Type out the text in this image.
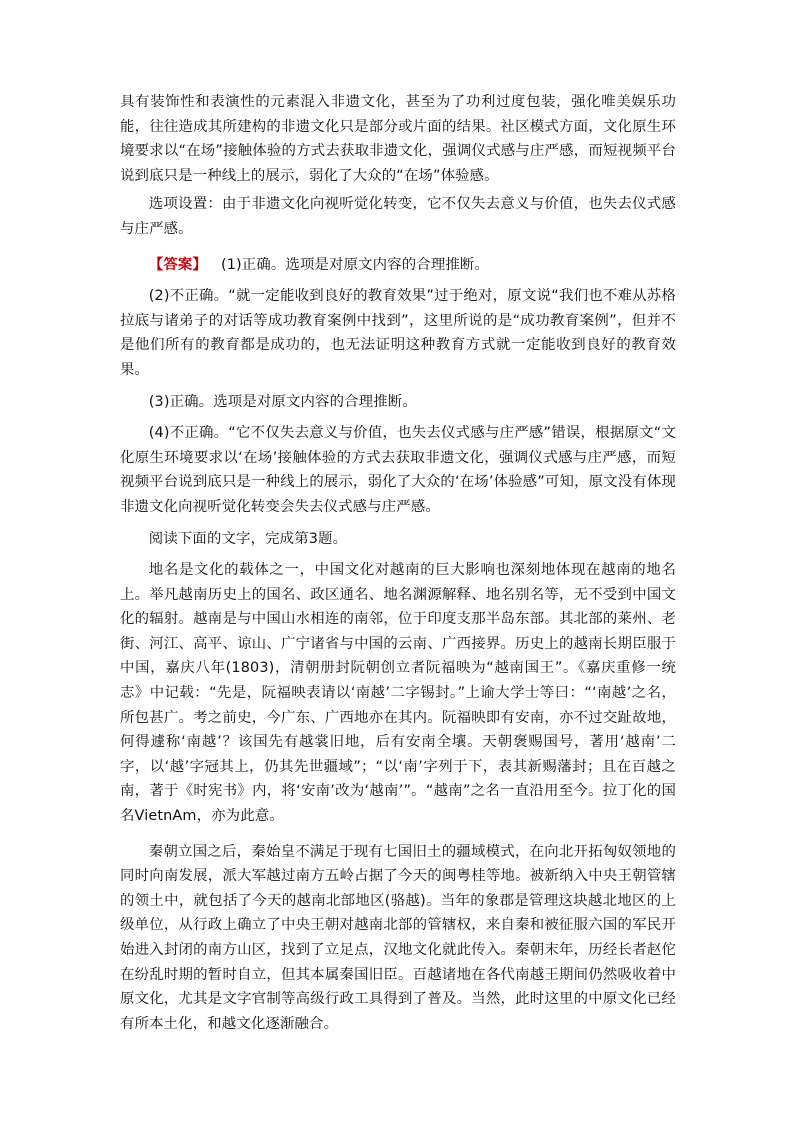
具有装饰性和表演性的元素混入非遗文化，甚至为了功利过度包装，强化唯美娱乐功能，往往造成其所建构的非遗文化只是部分或片面的结果。社区模式方面，文化原生环境要求以“在场”接触体验的方式去获取非遗文化，强调仪式感与庄严感，而短视频平台说到底只是一种线上的展示，弱化了大众的“在场”体验感。

选项设置：由于非遗文化向视听觉化转变，它不仅失去意义与价值，也失去仪式感与庄严感。

【答案】 (1)正确。选项是对原文内容的合理推断。

(2)不正确。“就一定能收到良好的教育效果”过于绝对，原文说“我们也不难从苏格拉底与诸弟子的对话等成功教育案例中找到”，这里所说的是“成功教育案例”，但并不是他们所有的教育都是成功的，也无法证明这种教育方式就一定能收到良好的教育效果。

(3)正确。选项是对原文内容的合理推断。

(4)不正确。“它不仅失去意义与价值，也失去仪式感与庄严感”错误，根据原文“文化原生环境要求以‘在场’接触体验的方式去获取非遗文化，强调仪式感与庄严感，而短视频平台说到底只是一种线上的展示，弱化了大众的‘在场’体验感”可知，原文没有体现非遗文化向视听觉化转变会失去仪式感与庄严感。

阅读下面的文字，完成第3题。

地名是文化的载体之一，中国文化对越南的巨大影响也深刻地体现在越南的地名上。举凡越南历史上的国名、政区通名、地名渊源解释、地名别名等，无不受到中国文化的辐射。越南是与中国山水相连的南邻，位于印度支那半岛东部。其北部的莱州、老街、河江、高平、谅山、广宁诸省与中国的云南、广西接界。历史上的越南长期臣服于中国，嘉庆八年(1803)，清朝册封阮朝创立者阮福映为“越南国王”。《嘉庆重修一统志》中记载：“先是，阮福映表请以‘南越’二字锡封。”上谕大学士等曰：“‘南越’之名，所包甚广。考之前史，今广东、广西地亦在其内。阮福映即有安南，亦不过交趾故地，何得遽称‘南越’？该国先有越裳旧地，后有安南全壤。天朝褒赐国号，著用‘越南’二字，以‘越’字冠其上，仍其先世疆域”；“以‘南’字列于下，表其新赐藩封；且在百越之南，著于《时宪书》内，将‘安南’改为‘越南’”。“越南”之名一直沿用至今。拉丁化的国名VietnAm，亦为此意。

秦朝立国之后，秦始皇不满足于现有七国旧土的疆域模式，在向北开拓匈奴领地的同时向南发展，派大军越过南方五岭占据了今天的闽粤桂等地。被新纳入中央王朝管辖的领土中，就包括了今天的越南北部地区(骆越)。当年的象郡是管理这块越北地区的上级单位，从行政上确立了中央王朝对越南北部的管辖权，来自秦和被征服六国的军民开始进入封闭的南方山区，找到了立足点，汉地文化就此传入。秦朝末年，历经长者赵佗在纷乱时期的暂时自立，但其本属秦国旧臣。百越诸地在各代南越王期间仍然吸收着中原文化，尤其是文字官制等高级行政工具得到了普及。当然，此时这里的中原文化已经有所本土化，和越文化逐渐融合。
